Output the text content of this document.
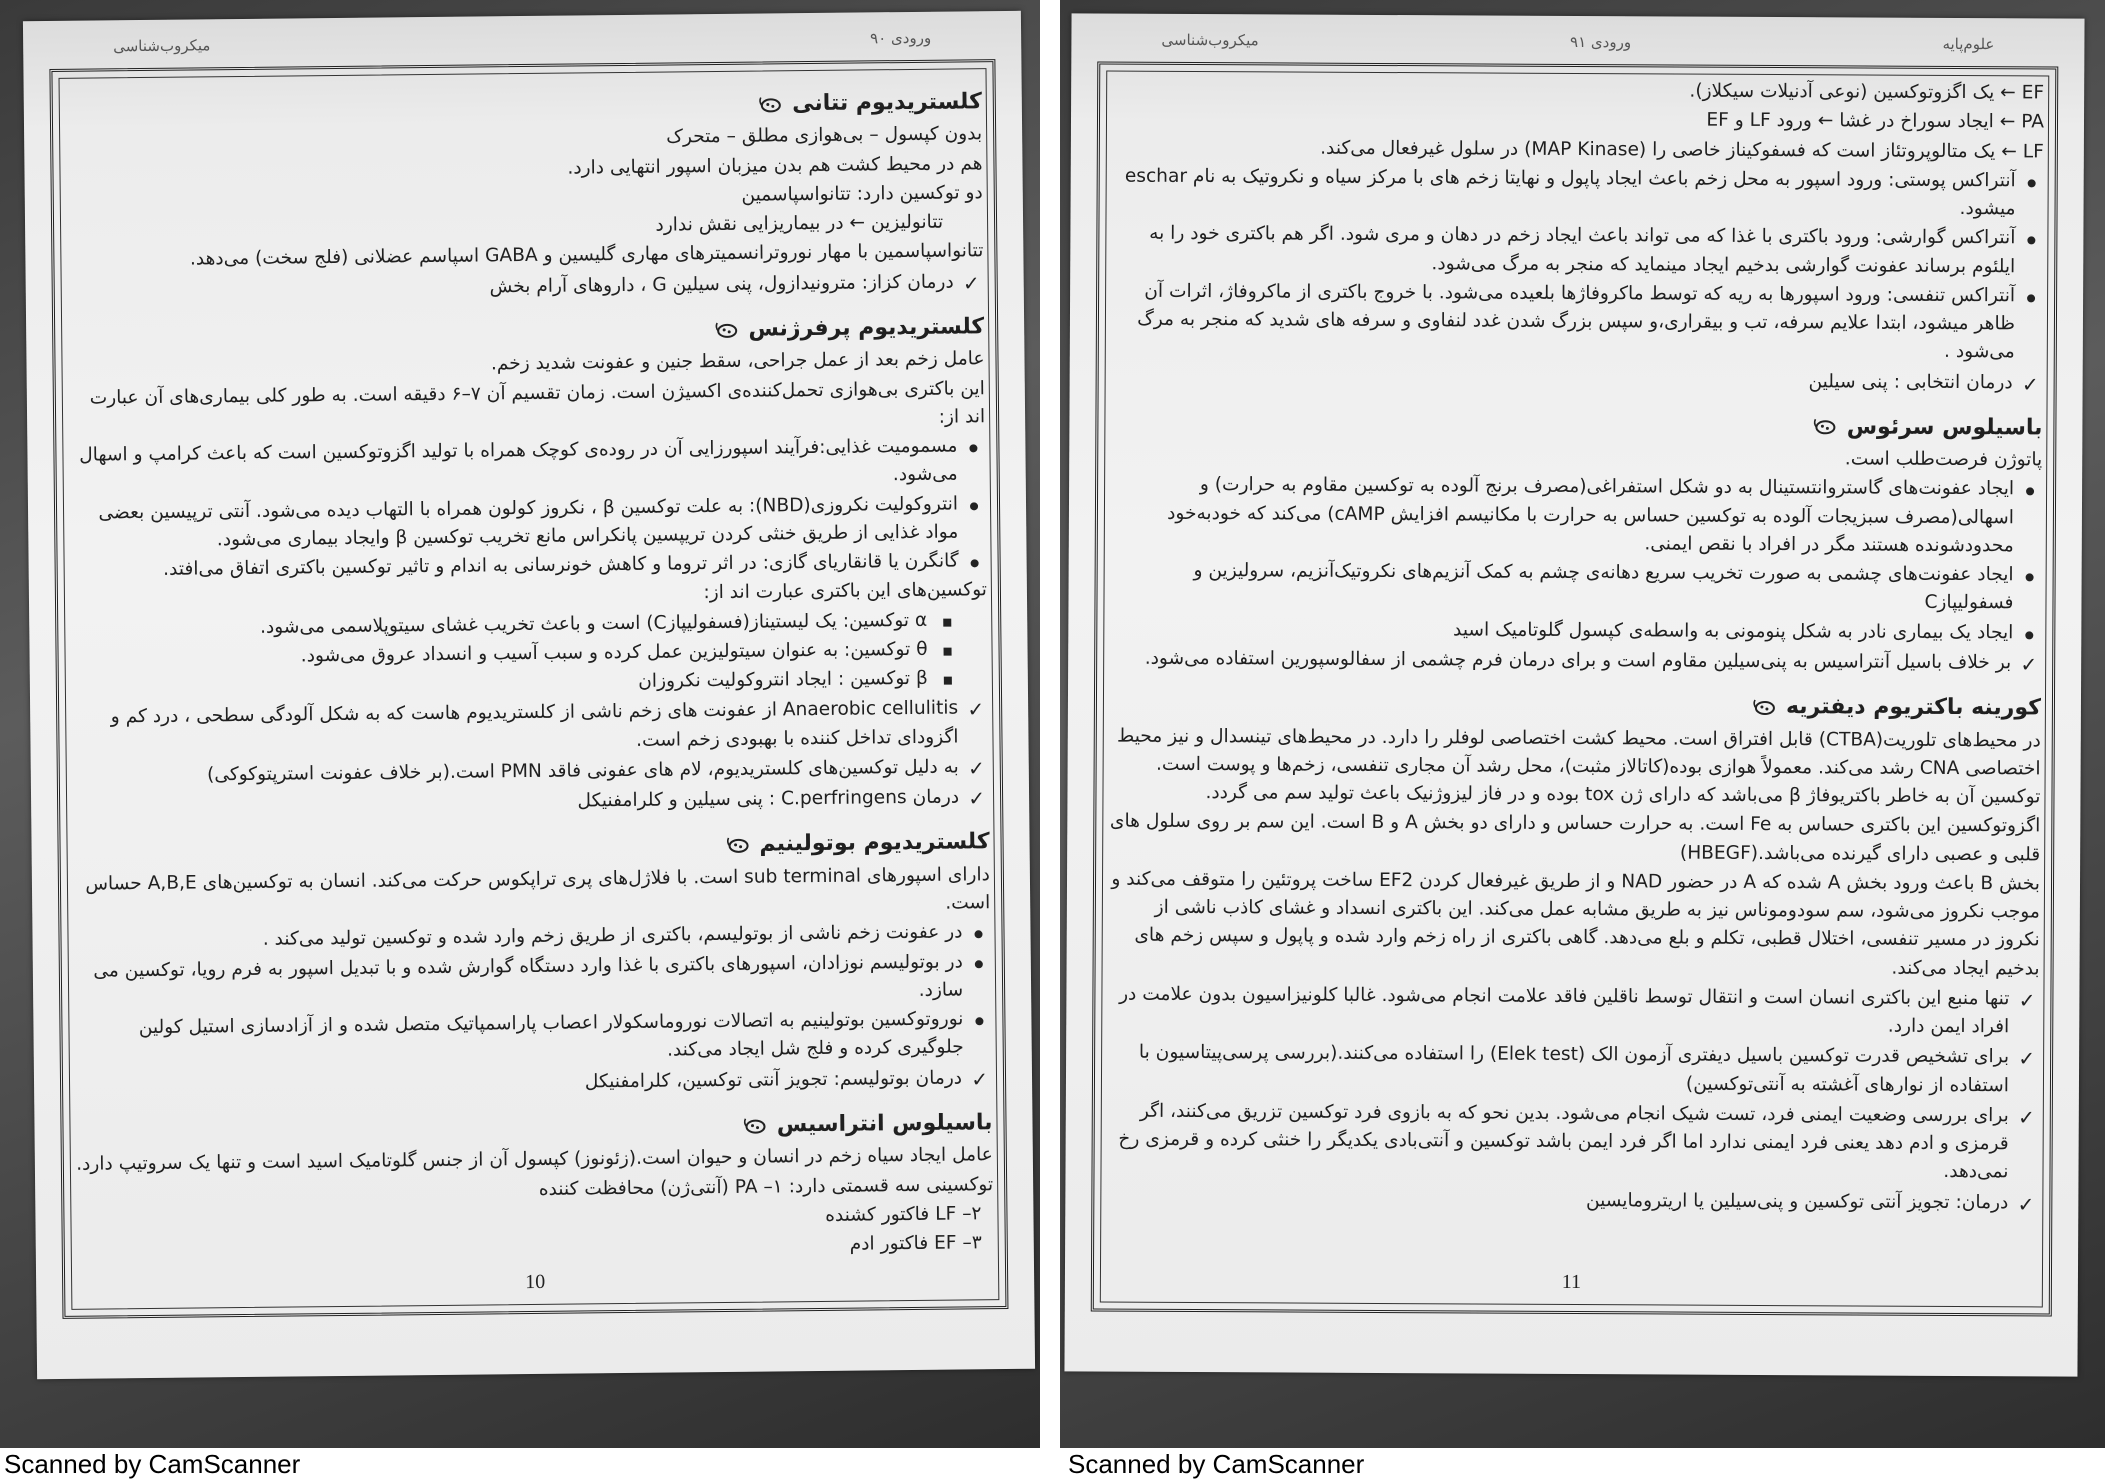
ورودی ۹۰
میکروب‌شناسی
کلستریدیوم تتانی
بدون کپسول – بی‌هوازی مطلق – متحرک
هم در محیط کشت هم بدن میزبان اسپور انتهایی دارد.
دو توکسین دارد: تتانواسپاسمین
تتانولیزین ← در بیماریزایی نقش ندارد
تتانواسپاسمین با مهار نوروترانسمیترهای مهاری گلیسین و GABA اسپاسم عضلانی (فلج سخت) می‌دهد.
✓ درمان کزاز: مترونیدازول، پنی سیلین G ، داروهای آرام بخش
کلستریدیوم پرفرژنس
عامل زخم بعد از عمل جراحی، سقط جنین و عفونت شدید زخم.
این باکتری بی‌هوازی تحمل‌کننده‌ی اکسیژن است. زمان تقسیم آن ۷–۶ دقیقه است. به طور کلی بیماری‌های آن عبارت اند از:
مسمومیت غذایی:فرآیند اسپورزایی آن در روده‌ی کوچک همراه با تولید اگزوتوکسین است که باعث کرامپ و اسهال می‌شود.
انتروکولیت نکروزی(NBD): به علت توکسین β ، نکروز کولون همراه با التهاب دیده می‌شود. آنتی ترپیسین بعضی مواد غذایی از طریق خنثی کردن تریپسین پانکراس مانع تخریب توکسین β وایجاد بیماری می‌شود.
گانگرن یا قانقاریای گازی: در اثر تروما و کاهش خونرسانی به اندام و تاثیر توکسین باکتری اتفاق می‌افتد.
توکسین‌های این باکتری عبارت اند از:
α توکسین: یک لیستیناز(فسفولیپازC) است و باعث تخریب غشای سیتوپلاسمی می‌شود.
θ توکسین: به عنوان سیتولیزین عمل کرده و سبب آسیب و انسداد عروق می‌شود.
β توکسین : ایجاد انتروکولیت نکروزان
✓ Anaerobic cellulitis از عفونت های زخم ناشی از کلستریدیوم هاست که به شکل آلودگی سطحی ، درد کم و اگزودای تداخل کننده با بهبودی زخم است.
✓ به دلیل توکسین‌های کلستریدیوم، لام های عفونی فاقد PMN است.(بر خلاف عفونت استرپتوکوکی)
✓ درمان C.perfringens : پنی سیلین و کلرامفنیکل
کلستریدیوم بوتولینیم
دارای اسپورهای sub terminal است. با فلاژل‌های پری تراپکوس حرکت می‌کند. انسان به توکسین‌های A,B,E حساس است.
در عفونت زخم ناشی از بوتولیسم، باکتری از طریق زخم وارد شده و توکسین تولید می‌کند .
در بوتولیسم نوزادان، اسپورهای باکتری با غذا وارد دستگاه گوارش شده و با تبدیل اسپور به فرم رویا، توکسین می سازد.
نوروتوکسین بوتولینیم به اتصالات نوروماسکولار اعصاب پاراسمپاتیک متصل شده و از آزادسازی استیل کولین جلوگیری کرده و فلج شل ایجاد می‌کند.
✓ درمان بوتولیسم: تجویز آنتی توکسین، کلرامفنیکل
باسیلوس انتراسیس
عامل ایجاد سیاه زخم در انسان و حیوان است.(زئونوز) کپسول آن از جنس گلوتامیک اسید است و تنها یک سروتیپ دارد.
توکسینی سه قسمتی دارد: ۱– PA (آنتی‌ژن) محافظت کننده
۲– LF فاکتور کشنده
۳– EF فاکتور ادم
10
علوم‌پایه
ورودی ۹۱
میکروب‌شناسی
EF ← یک اگزوتوکسین (نوعی آدنیلات سیکلاز).
PA ← ایجاد سوراخ در غشا ← ورود LF و EF
LF ← یک متالوپروتئاز است که فسفوکیناز خاصی را (MAP Kinase) در سلول غیرفعال می‌کند.
آنتراکس پوستی: ورود اسپور به محل زخم باعث ایجاد پاپول و نهایتا زخم های با مرکز سیاه و نکروتیک به نام eschar میشود.
آنتراکس گوارشی: ورود باکتری با غذا که می تواند باعث ایجاد زخم در دهان و مری شود. اگر هم باکتری خود را به ایلئوم برساند عفونت گوارشی بدخیم ایجاد مینماید که منجر به مرگ می‌شود.
آنتراکس تنفسی: ورود اسپورها به ریه که توسط ماکروفاژها بلعیده می‌شود. با خروج باکتری از ماکروفاژ، اثرات آن ظاهر میشود، ابتدا علایم سرفه، تب و بیقراری،و سپس بزرگ شدن غدد لنفاوی و سرفه های شدید که منجر به مرگ می‌شود .
✓ درمان انتخابی : پنی سیلین
باسیلوس سرئوس
پاتوژن فرصت‌طلب است.
ایجاد عفونت‌های گاستروانتستینال به دو شکل استفراغی(مصرف برنج آلوده به توکسین مقاوم به حرارت) و اسهالی(مصرف سبزیجات آلوده به توکسین حساس به حرارت با مکانیسم افزایش cAMP) می‌کند که خودبه‌خود محدودشونده هستند مگر در افراد با نقص ایمنی.
ایجاد عفونت‌های چشمی به صورت تخریب سریع دهانه‌ی چشم به کمک آنزیم‌های نکروتیک‌آنزیم، سرولیزین و فسفولیپازC
ایجاد یک بیماری نادر به شکل پنومونی به واسطه‌ی کپسول گلوتامیک اسید
✓ بر خلاف باسیل آنتراسیس به پنی‌سیلین مقاوم است و برای درمان فرم چشمی از سفالوسپورین استفاده می‌شود.
کورینه باکتریوم دیفتریه
در محیط‌های تلوریت(CTBA) قابل افتراق است. محیط کشت اختصاصی لوفلر را دارد. در محیط‌های تینسدال و نیز محیط اختصاصی CNA رشد می‌کند. معمولاً هوازی بوده(کاتالاز مثبت)، محل رشد آن مجاری تنفسی، زخم‌ها و پوست است. توکسین آن به خاطر باکتریوفاژ β می‌باشد که دارای ژن tox بوده و در فاز لیزوژنیک باعث تولید سم می گردد.
اگزوتوکسین این باکتری حساس به Fe است. به حرارت حساس و دارای دو بخش A و B است. این سم بر روی سلول های قلبی و عصبی دارای گیرنده می‌باشد.(HBEGF)
بخش B باعث ورود بخش A شده که A در حضور NAD و از طریق غیرفعال کردن EF2 ساخت پروتئین را متوقف می‌کند و موجب نکروز می‌شود، سم سودوموناس نیز به طریق مشابه عمل می‌کند. این باکتری انسداد و غشای کاذب ناشی از نکروز در مسیر تنفسی، اختلال قطبی، تکلم و بلع می‌دهد. گاهی باکتری از راه زخم وارد شده و پاپول و سپس زخم های بدخیم ایجاد می‌کند.
✓ تنها منبع این باکتری انسان است و انتقال توسط ناقلین فاقد علامت انجام می‌شود. غالبا کلونیزاسیون بدون علامت در افراد ایمن دارد.
✓ برای تشخیص قدرت توکسین باسیل دیفتری آزمون الک (Elek test) را استفاده می‌کنند.(بررسی پرسی‌پیتاسیون با استفاده از نوارهای آغشته به آنتی‌توکسین)
✓ برای بررسی وضعیت ایمنی فرد، تست شیک انجام می‌شود. بدین نحو که به بازوی فرد توکسین تزریق می‌کنند، اگر قرمزی و ادم دهد یعنی فرد ایمنی ندارد اما اگر فرد ایمن باشد توکسین و آنتی‌بادی یکدیگر را خنثی کرده و قرمزی رخ نمی‌دهد.
✓ درمان: تجویز آنتی توکسین و پنی‌سیلین یا اریترومایسین
11
Scanned by CamScanner	Scanned by CamScanner
